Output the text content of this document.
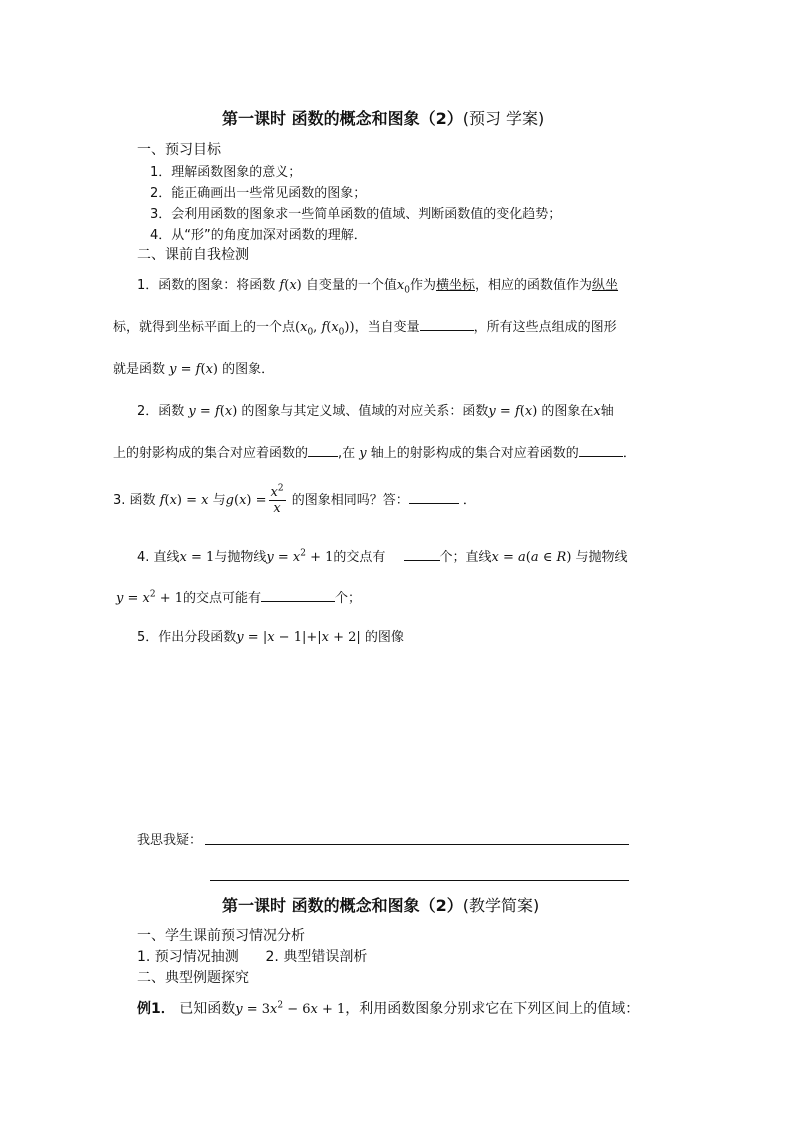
第一课时 函数的概念和图象（2）(预习 学案)
一、预习目标
1．理解函数图象的意义；
2．能正确画出一些常见函数的图象；
3．会利用函数的图象求一些简单函数的值域、判断函数值的变化趋势；
4．从“形”的角度加深对函数的理解．
二、课前自我检测
1．函数的图象：将函数 f(x) 自变量的一个值$x_0$作为横坐标，相应的函数值作为纵坐
标，就得到坐标平面上的一个点($x_0$, $f(x_0)$)，当自变量	，所有这些点组成的图形
就是函数 y = f(x) 的图象．
2．函数 y = f(x) 的图象与其定义域、值域的对应关系：函数y = f(x) 的图象在x轴
上的射影构成的集合对应着函数的 ,在 y 轴上的射影构成的集合对应着函数的	．
3. 函数 f(x) = x 与$g(x) = \frac{x^2}{x}$ 的图象相同吗？答：	．
4. 直线x = 1与抛物线$y = x^2 + 1$的交点有	个；直线x = a(a ∈ R) 与抛物线
$y = x^2 + 1$的交点可能有	个；
5．作出分段函数y = |x − 1|+|x + 2| 的图像
我思我疑：
第一课时 函数的概念和图象（2）(教学简案)
一、学生课前预习情况分析
1. 预习情况抽测      2. 典型错误剖析
二、典型例题探究
例1． 已知函数$y = 3x^2 - 6x + 1$，利用函数图象分别求它在下列区间上的值域：
